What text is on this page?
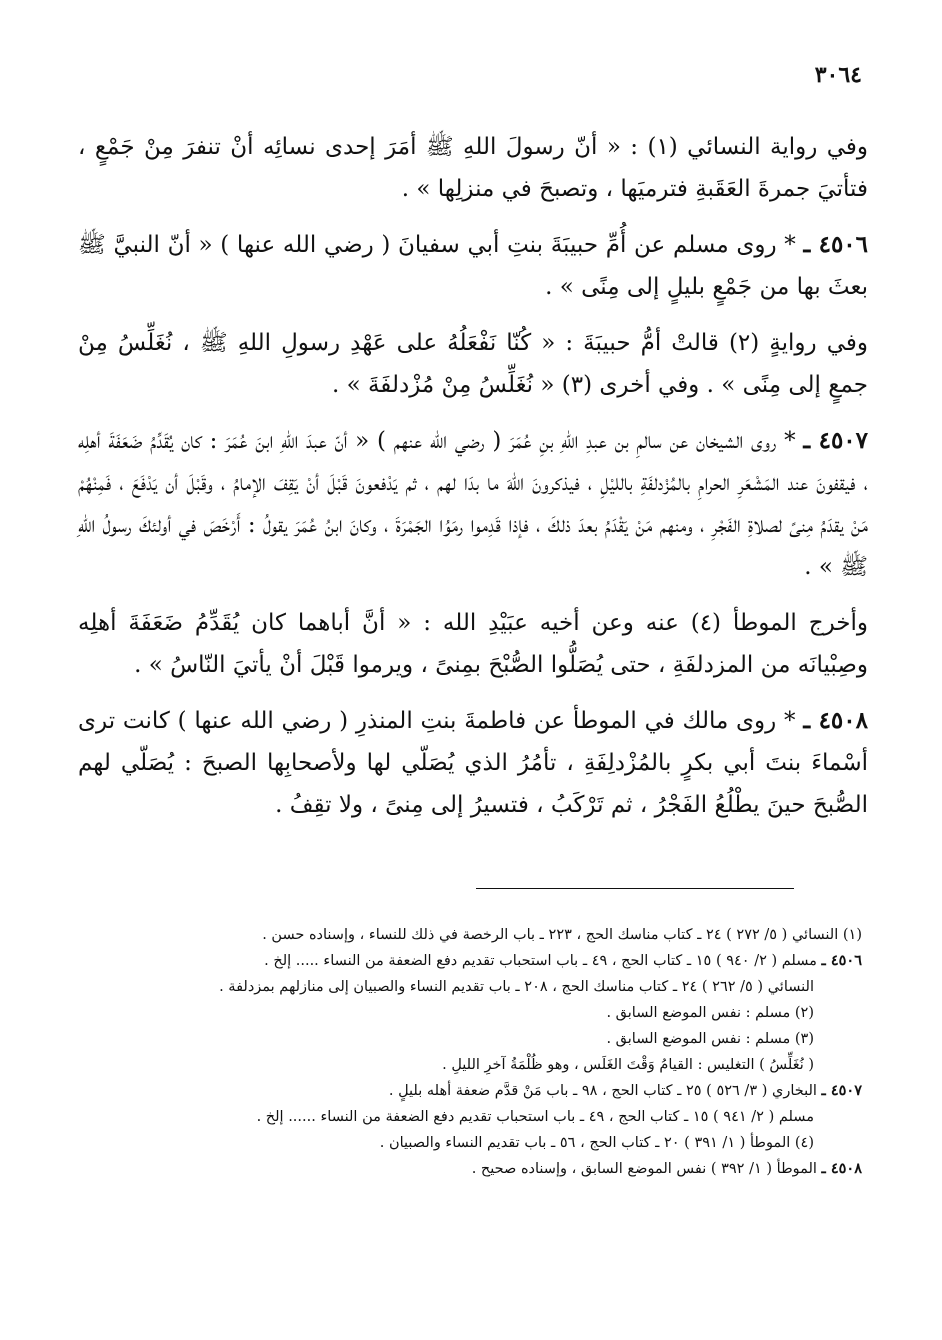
٣٠٦٤

وفي رواية النسائي (١) : « أنّ رسولَ اللهِ ﷺ أمَرَ إحدى نسائِه أنْ تنفرَ مِنْ جَمْعٍ ، فتأتيَ جمرةَ العَقَبةِ فترميَها ، وتصبحَ في منزلِها » .

٤٥٠٦ ـ * روى مسلم عن أُمِّ حبيبَةَ بنتِ أبي سفيانَ ( رضي الله عنها ) « أنّ النبيَّ ﷺ بعثَ بها من جَمْعٍ بليلٍ إلى مِنًى » .

وفي روايةٍ (٢) قالتْ أمُّ حبيبَةَ : « كُنّا نَفْعَلُهُ على عَهْدِ رسولِ اللهِ ﷺ ، نُغَلِّسُ مِنْ جمعٍ إلى مِنًى » . وفي أخرى (٣) « نُغَلِّسُ مِنْ مُزْدلفَةَ » .

٤٥٠٧ ـ * روى الشيخان عن سالمِ بن عبدِ اللهِ بنِ عُمَرَ ( رضي الله عنهم ) « أنّ عبدَ اللهِ ابنَ عُمَرَ : كان يُقَدِّمُ ضَعَفَةَ أهلِه ، فيقفونَ عند المَشْعَرِ الحرامِ بالمُزْدلفَةِ بالليْلِ ، فيذكرونَ اللهَ ما بدَا لهم ، ثم يَدْفعونَ قَبْلَ أنْ يَقِفَ الإمامُ ، وقَبْلَ أن يَدْفَعَ ، فَمِنْهُمْ مَنْ يقدَمُ مِنىً لصلاةِ الفَجْرِ ، ومنهم مَنْ يَقْدَمُ بعدَ ذلكَ ، فإذا قَدِموا رمَوُا الجَمْرَةَ ، وكانَ ابنُ عُمَرَ يقولُ : أَرْخَصَ في أولئكَ رسولُ اللهِ ﷺ » .

وأخرج الموطأ (٤) عنه وعن أخيه عبَيْدِ الله : « أنَّ أباهما كان يُقَدِّمُ ضَعَفَةَ أهلِه وصِبْيانَه من المزدلفَةِ ، حتى يُصَلُّوا الصُّبْحَ بمِنىً ، ويرموا قَبْلَ أنْ يأتيَ النّاسُ » .

٤٥٠٨ ـ * روى مالك في الموطأ عن فاطمةَ بنتِ المنذرِ ( رضي الله عنها ) كانت ترى أسْماءَ بنتَ أبي بكرٍ بالمُزْدلِفَةِ ، تأمُرُ الذي يُصَلّي لها ولأصحابِها الصبحَ : يُصَلّي لهم الصُّبحَ حينَ يطْلُعُ الفَجْرُ ، ثم تَرْكَبُ ، فتسيرُ إلى مِنىً ، ولا تقِفُ .

(١) النسائي ( ٥/ ٢٧٢ ) ٢٤ ـ كتاب مناسك الحج ، ٢٢٣ ـ باب الرخصة في ذلك للنساء ، وإسناده حسن .

٤٥٠٦ ـ مسلم ( ٢/ ٩٤٠ ) ١٥ ـ كتاب الحج ، ٤٩ ـ باب استحباب تقديم دفع الضعفة من النساء ..... إلخ .

النسائي ( ٥/ ٢٦٢ ) ٢٤ ـ كتاب مناسك الحج ، ٢٠٨ ـ باب تقديم النساء والصبيان إلى منازلهم بمزدلفة .

(٢) مسلم : نفس الموضع السابق .

(٣) مسلم : نفس الموضع السابق .

( نُغَلِّسُ ) التغليس : القيامُ وَقْتَ الغَلَس ، وهو ظُلْمَةُ آخرِ الليلِ .

٤٥٠٧ ـ البخاري ( ٣/ ٥٢٦ ) ٢٥ ـ كتاب الحج ، ٩٨ ـ باب مَنْ قدَّم ضعفة أهله بليلٍ .

مسلم ( ٢/ ٩٤١ ) ١٥ ـ كتاب الحج ، ٤٩ ـ باب استحباب تقديم دفع الضعفة من النساء ...... إلخ .

(٤) الموطأ ( ١/ ٣٩١ ) ٢٠ ـ كتاب الحج ، ٥٦ ـ باب تقديم النساء والصبيان .

٤٥٠٨ ـ الموطأ ( ١/ ٣٩٢ ) نفس الموضع السابق ، وإسناده صحيح .
